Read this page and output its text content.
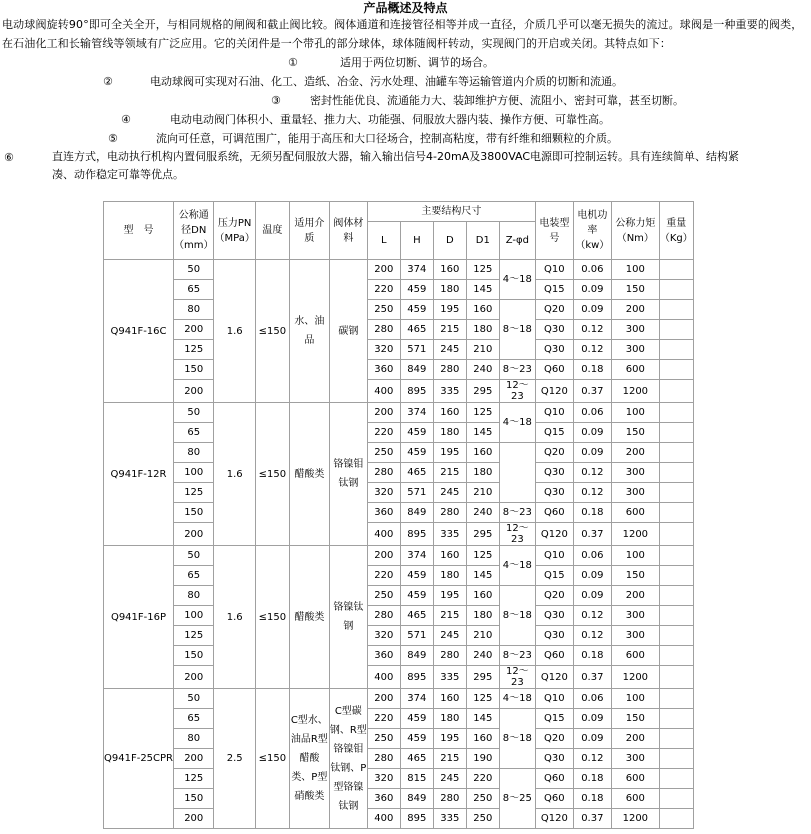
产品概述及特点

电动球阀旋转90°即可全关全开，与相同规格的闸阀和截止阀比较。阀体通道和连接管径相等并成一直径，介质几乎可以毫无损失的流过。球阀是一种重要的阀类，在石油化工和长输管线等领域有广泛应用。它的关闭件是一个带孔的部分球体，球体随阀杆转动，实现阀门的开启或关闭。其特点如下：

①	适用于两位切断、调节的场合。
②	电动球阀可实现对石油、化工、造纸、冶金、污水处理、油罐车等运输管道内介质的切断和流通。
③	密封性能优良、流通能力大、装卸维护方便、流阻小、密封可靠，甚至切断。
④	电动电动阀门体积小、重量轻、推力大、功能强、伺服放大器内装、操作方便、可靠性高。
⑤	流向可任意，可调范围广，能用于高压和大口径场合，控制高粘度，带有纤维和细颗粒的介质。
⑥	直连方式，电动执行机构内置伺服系统，无须另配伺服放大器，输入输出信号4-20mA及3800VAC电源即可控制运转。具有连续简单、结构紧凑、动作稳定可靠等优点。
型　号	公称通径DN（mm）	压力PN（MPa）	温度	适用介质	阀体材料	主要结构尺寸					电装型号	电机功率（kw）	公称力矩（Nm）	重量（Kg）
						L	H	D	D1	Z-φd				
Q941F-16C	50	1.6	≤150	水、油品	碳钢	200	374	160	125	4～18	Q10	0.06	100	
	65					220	459	180	145		Q15	0.09	150	
	80					250	459	195	160	8～18	Q20	0.09	200	
	200					280	465	215	180		Q30	0.12	300	
	125					320	571	245	210		Q30	0.12	300	
	150					360	849	280	240	8～23	Q60	0.18	600	
	200					400	895	335	295	12～23	Q120	0.37	1200	
Q941F-12R	50	1.6	≤150	醋酸类	铬镍钼钛钢	200	374	160	125	4～18	Q10	0.06	100	
	65					220	459	180	145		Q15	0.09	150	
	80					250	459	195	160		Q20	0.09	200	
	100					280	465	215	180		Q30	0.12	300	
	125					320	571	245	210		Q30	0.12	300	
	150					360	849	280	240	8～23	Q60	0.18	600	
	200					400	895	335	295	12～23	Q120	0.37	1200	
Q941F-16P	50	1.6	≤150	醋酸类	铬镍钛钢	200	374	160	125	4～18	Q10	0.06	100	
	65					220	459	180	145		Q15	0.09	150	
	80					250	459	195	160	8～18	Q20	0.09	200	
	100					280	465	215	180		Q30	0.12	300	
	125					320	571	245	210		Q30	0.12	300	
	150					360	849	280	240	8～23	Q60	0.18	600	
	200					400	895	335	295	12～23	Q120	0.37	1200	
Q941F-25CPR	50	2.5	≤150	C型水、油品R型醋酸类、P型硝酸类	C型碳钢、R型铬镍钼钛钢、P型铬镍钛钢	200	374	160	125	4～18	Q10	0.06	100	
	65					220	459	180	145	8～18	Q15	0.09	150	
	80					250	459	195	160		Q20	0.09	200	
	200					280	465	215	190		Q30	0.12	300	
	125					320	815	245	220	8～25	Q60	0.18	600	
	150					360	849	280	250		Q60	0.18	600	
	200					400	895	335	250		Q120	0.37	1200	
